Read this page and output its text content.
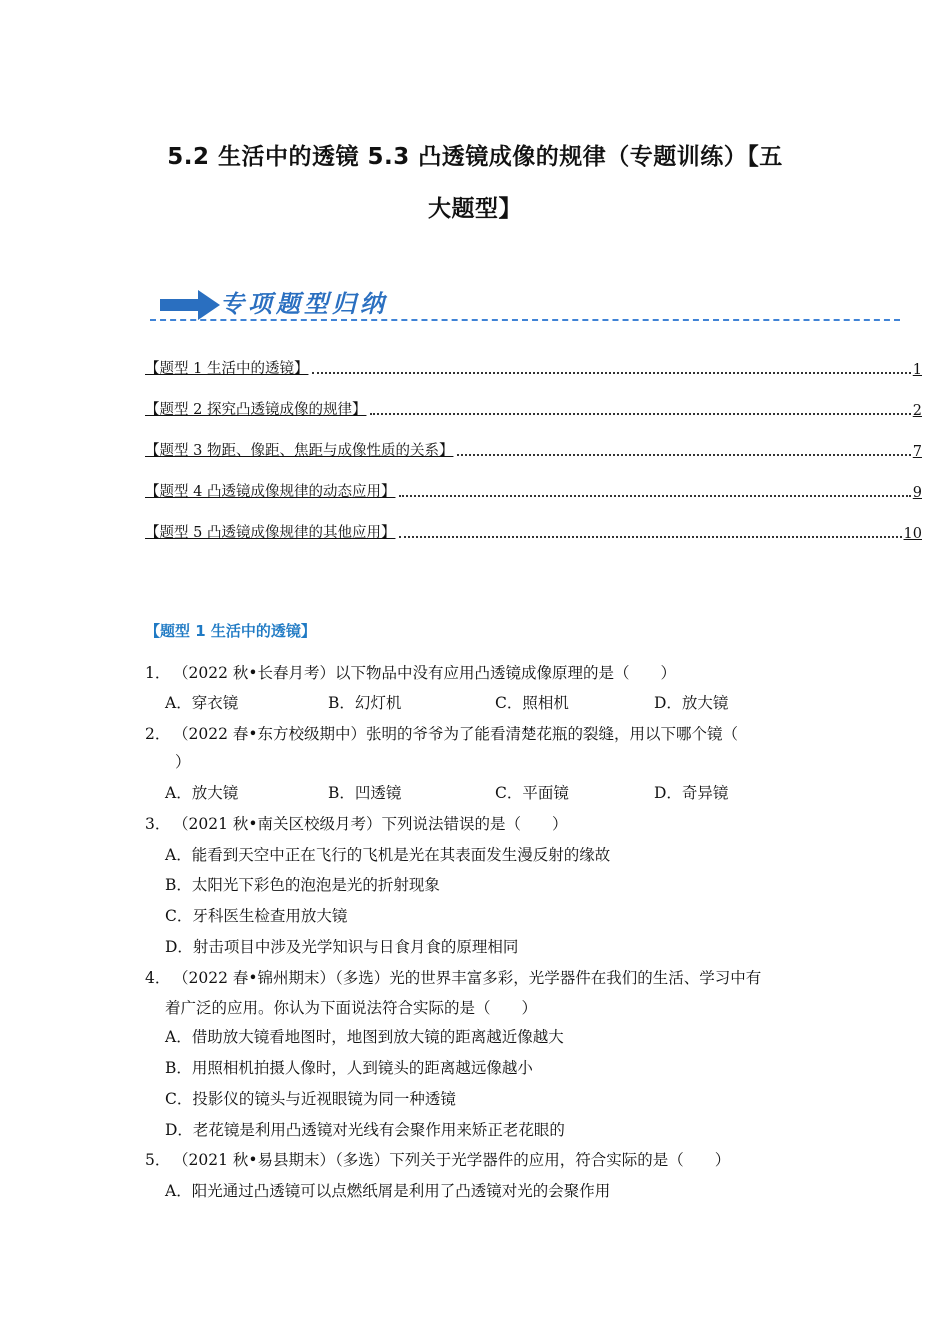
5.2 生活中的透镜 5.3 凸透镜成像的规律（专题训练）【五
大题型】
专项题型归纳
【题型 1 生活中的透镜】	1
【题型 2 探究凸透镜成像的规律】	2
【题型 3 物距、像距、焦距与成像性质的关系】	7
【题型 4 凸透镜成像规律的动态应用】	9
【题型 5 凸透镜成像规律的其他应用】	10
【题型 1 生活中的透镜】
1． （2022 秋•长春月考）以下物品中没有应用凸透镜成像原理的是（　　）
A．穿衣镜	B．幻灯机	C．照相机	D．放大镜
2． （2022 春•东方校级期中）张明的爷爷为了能看清楚花瓶的裂缝，用以下哪个镜（
）
A．放大镜	B．凹透镜	C．平面镜	D．奇异镜
3． （2021 秋•南关区校级月考）下列说法错误的是（　　）
A．能看到天空中正在飞行的飞机是光在其表面发生漫反射的缘故
B．太阳光下彩色的泡泡是光的折射现象
C．牙科医生检查用放大镜
D．射击项目中涉及光学知识与日食月食的原理相同
4． （2022 春•锦州期末）（多选）光的世界丰富多彩，光学器件在我们的生活、学习中有
着广泛的应用。你认为下面说法符合实际的是（　　）
A．借助放大镜看地图时，地图到放大镜的距离越近像越大
B．用照相机拍摄人像时，人到镜头的距离越远像越小
C．投影仪的镜头与近视眼镜为同一种透镜
D．老花镜是利用凸透镜对光线有会聚作用来矫正老花眼的
5． （2021 秋•易县期末）（多选）下列关于光学器件的应用，符合实际的是（　　）
A．阳光通过凸透镜可以点燃纸屑是利用了凸透镜对光的会聚作用
